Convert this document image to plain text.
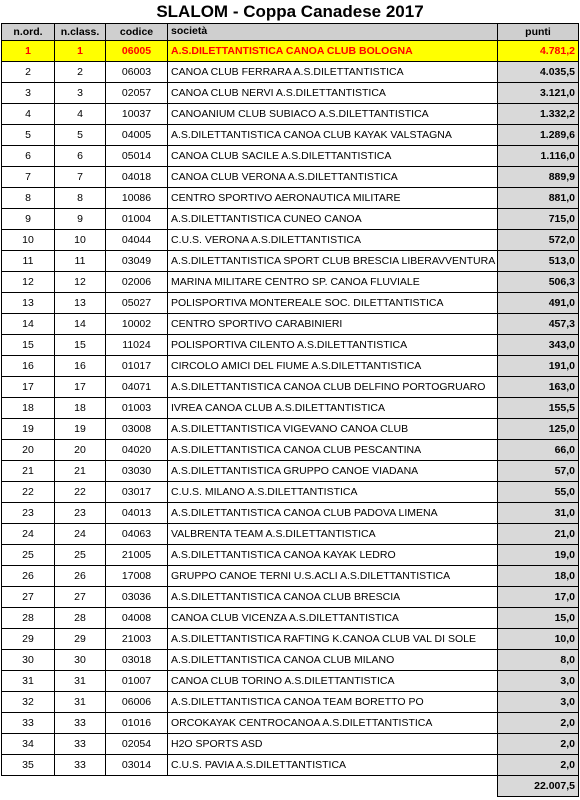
SLALOM - Coppa Canadese 2017
n.ord.	n.class.	codice	società	punti
1	1	06005	A.S.DILETTANTISTICA CANOA CLUB BOLOGNA	4.781,2
2	2	06003	CANOA CLUB FERRARA A.S.DILETTANTISTICA	4.035,5
3	3	02057	CANOA CLUB NERVI A.S.DILETTANTISTICA	3.121,0
4	4	10037	CANOANIUM CLUB SUBIACO A.S.DILETTANTISTICA	1.332,2
5	5	04005	A.S.DILETTANTISTICA CANOA CLUB KAYAK VALSTAGNA	1.289,6
6	6	05014	CANOA CLUB SACILE A.S.DILETTANTISTICA	1.116,0
7	7	04018	CANOA CLUB VERONA A.S.DILETTANTISTICA	889,9
8	8	10086	CENTRO SPORTIVO AERONAUTICA MILITARE	881,0
9	9	01004	A.S.DILETTANTISTICA CUNEO CANOA	715,0
10	10	04044	C.U.S. VERONA A.S.DILETTANTISTICA	572,0
11	11	03049	A.S.DILETTANTISTICA SPORT CLUB BRESCIA LIBERAVVENTURA	513,0
12	12	02006	MARINA MILITARE CENTRO SP. CANOA FLUVIALE	506,3
13	13	05027	POLISPORTIVA MONTEREALE SOC. DILETTANTISTICA	491,0
14	14	10002	CENTRO SPORTIVO CARABINIERI	457,3
15	15	11024	POLISPORTIVA CILENTO A.S.DILETTANTISTICA	343,0
16	16	01017	CIRCOLO AMICI DEL FIUME A.S.DILETTANTISTICA	191,0
17	17	04071	A.S.DILETTANTISTICA CANOA CLUB DELFINO PORTOGRUARO	163,0
18	18	01003	IVREA CANOA CLUB A.S.DILETTANTISTICA	155,5
19	19	03008	A.S.DILETTANTISTICA VIGEVANO CANOA CLUB	125,0
20	20	04020	A.S.DILETTANTISTICA CANOA CLUB PESCANTINA	66,0
21	21	03030	A.S.DILETTANTISTICA GRUPPO CANOE VIADANA	57,0
22	22	03017	C.U.S. MILANO A.S.DILETTANTISTICA	55,0
23	23	04013	A.S.DILETTANTISTICA CANOA CLUB PADOVA LIMENA	31,0
24	24	04063	VALBRENTA TEAM A.S.DILETTANTISTICA	21,0
25	25	21005	A.S.DILETTANTISTICA CANOA KAYAK LEDRO	19,0
26	26	17008	GRUPPO CANOE TERNI U.S.ACLI A.S.DILETTANTISTICA	18,0
27	27	03036	A.S.DILETTANTISTICA CANOA CLUB BRESCIA	17,0
28	28	04008	CANOA CLUB VICENZA A.S.DILETTANTISTICA	15,0
29	29	21003	A.S.DILETTANTISTICA RAFTING K.CANOA CLUB VAL DI SOLE	10,0
30	30	03018	A.S.DILETTANTISTICA CANOA CLUB MILANO	8,0
31	31	01007	CANOA CLUB TORINO A.S.DILETTANTISTICA	3,0
32	31	06006	A.S.DILETTANTISTICA CANOA TEAM BORETTO PO	3,0
33	33	01016	ORCOKAYAK CENTROCANOA A.S.DILETTANTISTICA	2,0
34	33	02054	H2O SPORTS ASD	2,0
35	33	03014	C.U.S. PAVIA A.S.DILETTANTISTICA	2,0
				22.007,5
